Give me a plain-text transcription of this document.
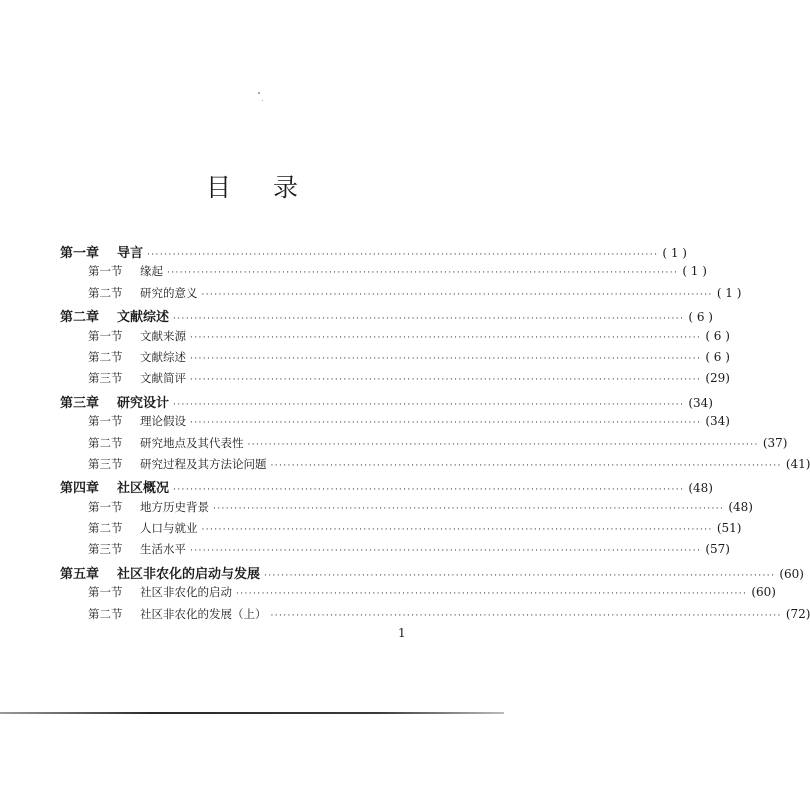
目 录
第一章 导言 ························································································································ ( 1 )
第一节 缘起 ························································································································ ( 1 )
第二节 研究的意义 ························································································································ ( 1 )
第二章 文献综述 ························································································································ ( 6 )
第一节 文献来源 ························································································································ ( 6 )
第二节 文献综述 ························································································································ ( 6 )
第三节 文献简评 ························································································································ (29)
第三章 研究设计 ························································································································ (34)
第一节 理论假设 ························································································································ (34)
第二节 研究地点及其代表性 ························································································································ (37)
第三节 研究过程及其方法论问题 ························································································································ (41)
第四章 社区概况 ························································································································ (48)
第一节 地方历史背景 ························································································································ (48)
第二节 人口与就业 ························································································································ (51)
第三节 生活水平 ························································································································ (57)
第五章 社区非农化的启动与发展 ························································································································ (60)
第一节 社区非农化的启动 ························································································································ (60)
第二节 社区非农化的发展（上） ························································································································ (72)
1
